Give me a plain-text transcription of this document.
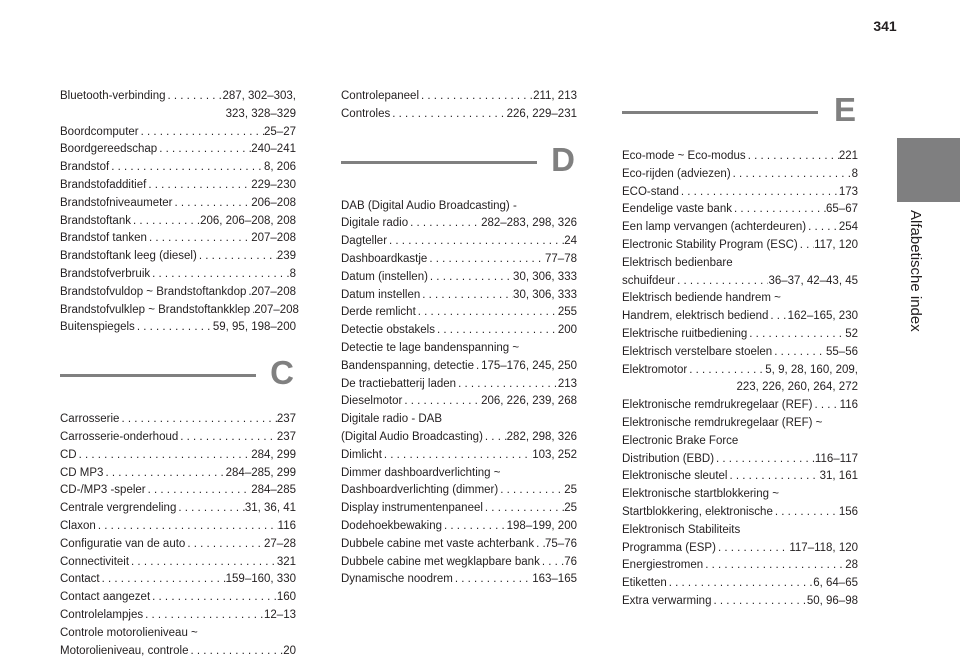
341
Alfabetische index
Bluetooth-verbinding . . .	287, 302–303,
323, 328–329
Boordcomputer . . .	25–27
Boordgereedschap . . .	240–241
Brandstof . . .	8, 206
Brandstofadditief . . .	229–230
Brandstofniveaumeter . . .	206–208
Brandstoftank . . .	206, 206–208, 208
Brandstof tanken . . .	207–208
Brandstoftank leeg (diesel) . . .	239
Brandstofverbruik . . .	8
Brandstofvuldop ~ Brandstoftankdop . . . 207–208
Brandstofvulklep ~ Brandstoftankklep . . . 207–208
Buitenspiegels . . .	59, 95, 198–200
C
Carrosserie . . .	237
Carrosserie-onderhoud . . .	237
CD . . .	284, 299
CD MP3 . . .	284–285, 299
CD-/MP3 -speler . . .	284–285
Centrale vergrendeling . . .	31, 36, 41
Claxon . . .	116
Configuratie van de auto . . .	27–28
Connectiviteit . . .	321
Contact . . .	159–160, 330
Contact aangezet . . .	160
Controlelampjes . . .	12–13
Controle motorolieniveau ~
Motorolieniveau, controle . . .	20
Controlepaneel . . .	211, 213
Controles . . .	226, 229–231
D
DAB (Digital Audio Broadcasting) -
Digitale radio . . .	282–283, 298, 326
Dagteller . . .	24
Dashboardkastje . . .	77–78
Datum (instellen) . . .	30, 306, 333
Datum instellen . . .	30, 306, 333
Derde remlicht . . .	255
Detectie obstakels . . .	200
Detectie te lage bandenspanning ~
Bandenspanning, detectie . . . 175–176, 245, 250
De tractiebatterij laden . . .	213
Dieselmotor . . .	206, 226, 239, 268
Digitale radio - DAB
(Digital Audio Broadcasting) . . . 282, 298, 326
Dimlicht . . .	103, 252
Dimmer dashboardverlichting ~
Dashboardverlichting (dimmer) . . .	25
Display instrumentenpaneel . . .	25
Dodehoekbewaking . . .	198–199, 200
Dubbele cabine met vaste achterbank . . . 75–76
Dubbele cabine met wegklapbare bank . . . 76
Dynamische noodrem . . .	163–165
E
Eco-mode ~ Eco-modus . . .	221
Eco-rijden (adviezen) . . .	8
ECO-stand . . .	173
Eendelige vaste bank . . .	65–67
Een lamp vervangen (achterdeuren) . . .	254
Electronic Stability Program (ESC) . . . 117, 120
Elektrisch bedienbare
schuifdeur . . .	36–37, 42–43, 45
Elektrisch bediende handrem ~
Handrem, elektrisch bediend . . . 162–165, 230
Elektrische ruitbediening . . .	52
Elektrisch verstelbare stoelen . . .	55–56
Elektromotor . . .	5, 9, 28, 160, 209,
223, 226, 260, 264, 272
Elektronische remdrukregelaar (REF) . . . 116
Elektronische remdrukregelaar (REF) ~
Electronic Brake Force
Distribution (EBD) . . .	116–117
Elektronische sleutel . . .	31, 161
Elektronische startblokkering ~
Startblokkering, elektronische . . .	156
Elektronisch Stabiliteits
Programma (ESP) . . .	117–118, 120
Energiestromen . . .	28
Etiketten . . .	6, 64–65
Extra verwarming . . .	50, 96–98
